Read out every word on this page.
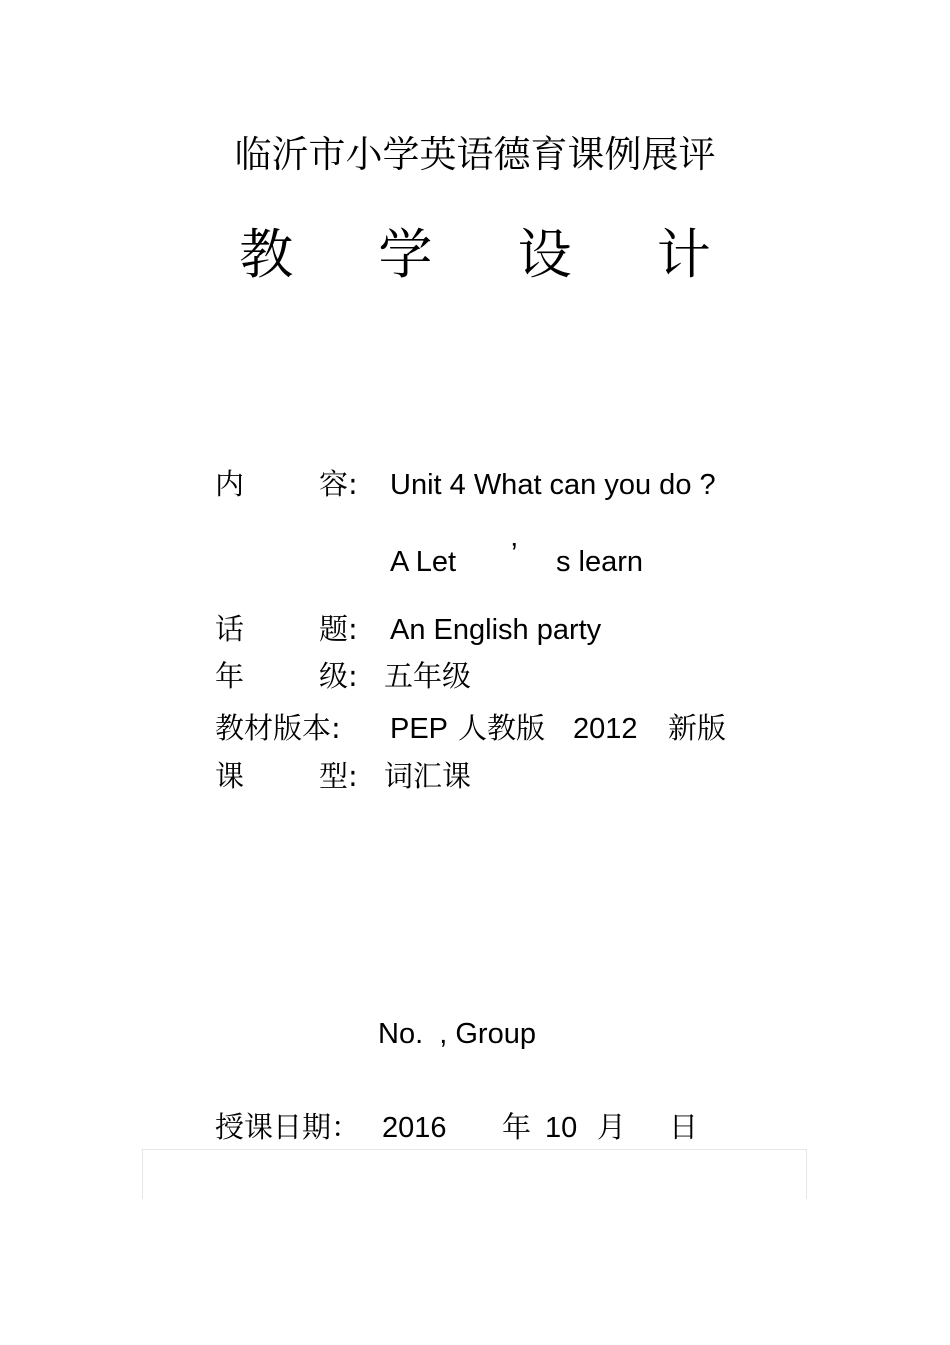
临沂市小学英语德育课例展评
教 学 设 计
内	容: Unit 4 What can you do ?
A Let ’ s learn
话	题: An English party
年	级: 五年级
教材版本: PEP 人教版 2012 新版
课	型: 词汇课
No.  , Group
授课日期： 2016 年 10 月 日
